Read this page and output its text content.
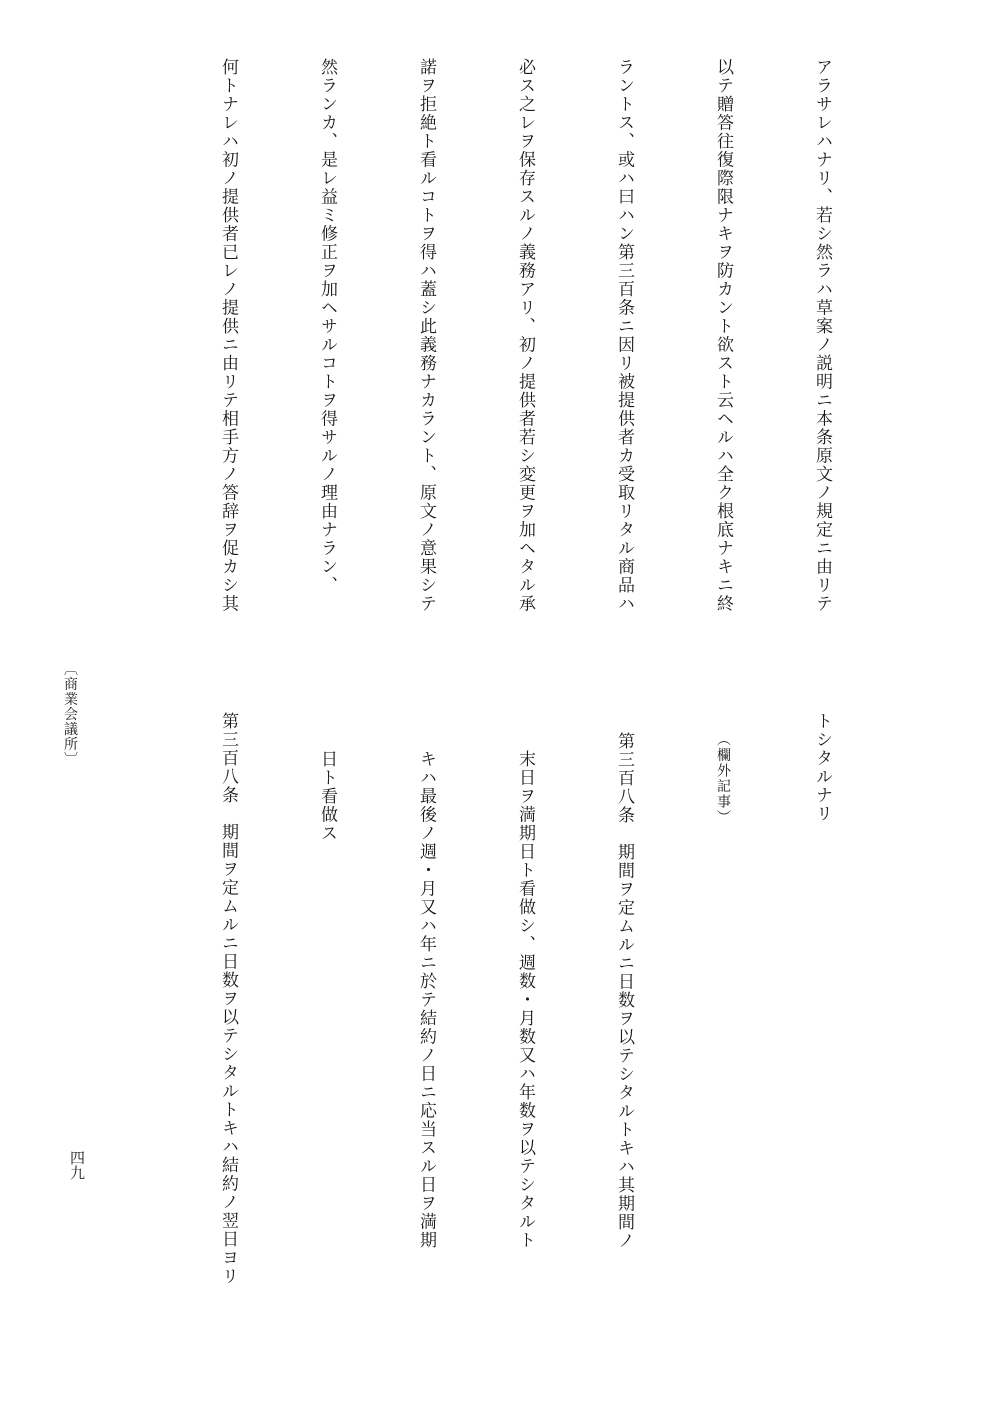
アラサレハナリ、若シ然ラハ草案ノ説明ニ本条原文ノ規定ニ由リテ

以テ贈答往復際限ナキヲ防カント欲スト云ヘルハ全ク根底ナキニ終

ラントス、或ハ曰ハン第三百条ニ因リ被提供者カ受取リタル商品ハ

必ス之レヲ保存スルノ義務アリ、初ノ提供者若シ変更ヲ加ヘタル承

諾ヲ拒絶ト看ルコトヲ得ハ蓋シ此義務ナカラント、原文ノ意果シテ

然ランカ、是レ益ミ修正ヲ加ヘサルコトヲ得サルノ理由ナラン、

何トナレハ初ノ提供者已レノ提供ニ由リテ相手方ノ答辞ヲ促カシ其

トシタルナリ

（欄外記事）

第三百八条　期間ヲ定ムルニ日数ヲ以テシタルトキハ其期間ノ

末日ヲ満期日ト看做シ、週数・月数又ハ年数ヲ以テシタルト

キハ最後ノ週・月又ハ年ニ於テ結約ノ日ニ応当スル日ヲ満期

日ト看做ス

第三百八条　期間ヲ定ムルニ日数ヲ以テシタルトキハ結約ノ翌日ヨリ

〔商業会議所〕

四九
